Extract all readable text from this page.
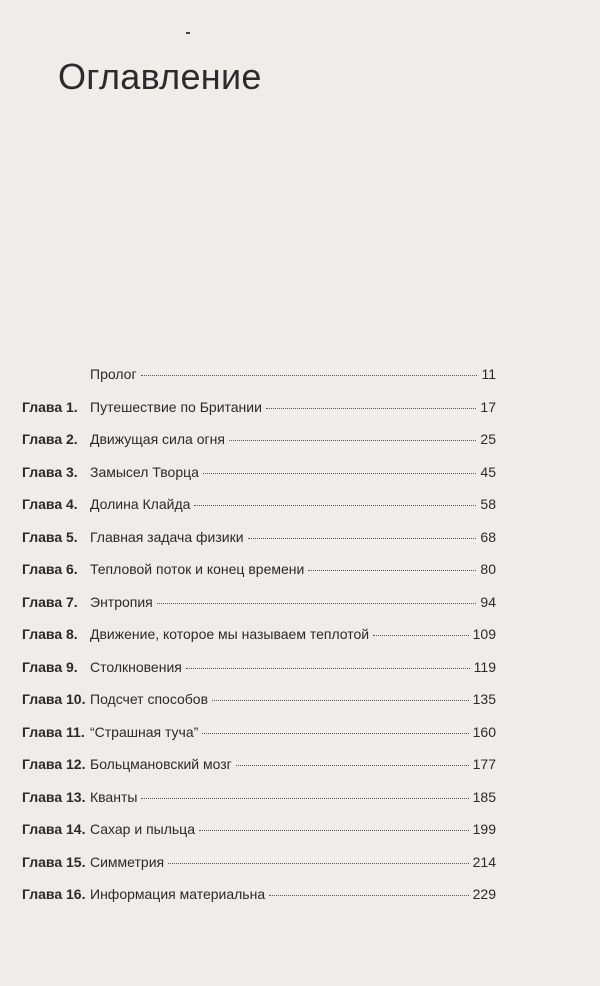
Оглавление
Пролог	11
Глава 1. Путешествие по Британии	17
Глава 2. Движущая сила огня	25
Глава 3. Замысел Творца	45
Глава 4. Долина Клайда	58
Глава 5. Главная задача физики	68
Глава 6. Тепловой поток и конец времени	80
Глава 7. Энтропия	94
Глава 8. Движение, которое мы называем теплотой	109
Глава 9. Столкновения	119
Глава 10. Подсчет способов	135
Глава 11. “Страшная туча”	160
Глава 12. Больцмановский мозг	177
Глава 13. Кванты	185
Глава 14. Сахар и пыльца	199
Глава 15. Симметрия	214
Глава 16. Информация материальна	229
